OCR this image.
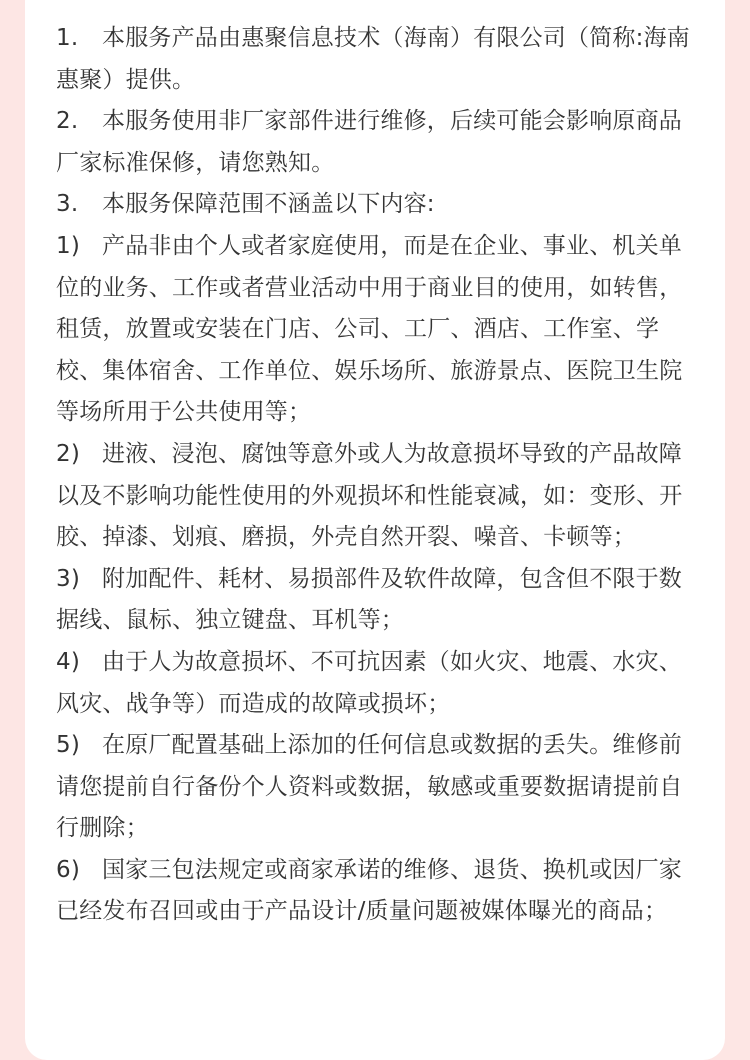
1. 本服务产品由惠聚信息技术（海南）有限公司（简称:海南惠聚）提供。

2. 本服务使用非厂家部件进行维修，后续可能会影响原商品厂家标准保修，请您熟知。

3. 本服务保障范围不涵盖以下内容:

1) 产品非由个人或者家庭使用，而是在企业、事业、机关单位的业务、工作或者营业活动中用于商业目的使用，如转售，租赁，放置或安装在门店、公司、工厂、酒店、工作室、学校、集体宿舍、工作单位、娱乐场所、旅游景点、医院卫生院等场所用于公共使用等；

2) 进液、浸泡、腐蚀等意外或人为故意损坏导致的产品故障以及不影响功能性使用的外观损坏和性能衰减，如：变形、开胶、掉漆、划痕、磨损，外壳自然开裂、噪音、卡顿等；

3) 附加配件、耗材、易损部件及软件故障，包含但不限于数据线、鼠标、独立键盘、耳机等；

4) 由于人为故意损坏、不可抗因素（如火灾、地震、水灾、风灾、战争等）而造成的故障或损坏；

5) 在原厂配置基础上添加的任何信息或数据的丢失。维修前请您提前自行备份个人资料或数据，敏感或重要数据请提前自行删除；

6) 国家三包法规定或商家承诺的维修、退货、换机或因厂家已经发布召回或由于产品设计/质量问题被媒体曝光的商品；
